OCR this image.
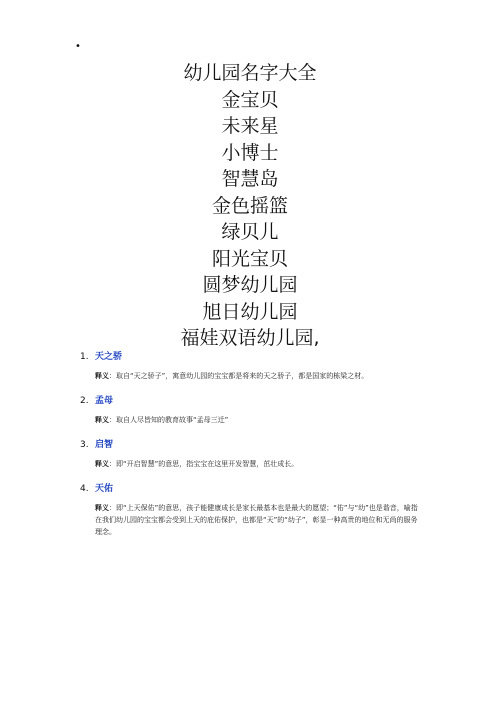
•
幼儿园名字大全
金宝贝
未来星
小博士
智慧岛
金色摇篮
绿贝儿
阳光宝贝
圆梦幼儿园
旭日幼儿园
福娃双语幼儿园,
1. 天之骄
释义：取自“天之骄子”，寓意幼儿园的宝宝都是将来的天之骄子，都是国家的栋梁之材。
2. 孟母
释义：取自人尽皆知的教育故事“孟母三迁”
3. 启智
释义：即“开启智慧”的意思，指宝宝在这里开发智慧，茁壮成长。
4. 天佑
释义：即“上天保佑”的意思，孩子能健康成长是家长最基本也是最大的愿望；“佑”与“幼”也是谐音，喻指在我们幼儿园的宝宝都会受到上天的庇佑保护，也都是“天”的“幼子”，彰显一种高贵的地位和无尚的服务理念。
